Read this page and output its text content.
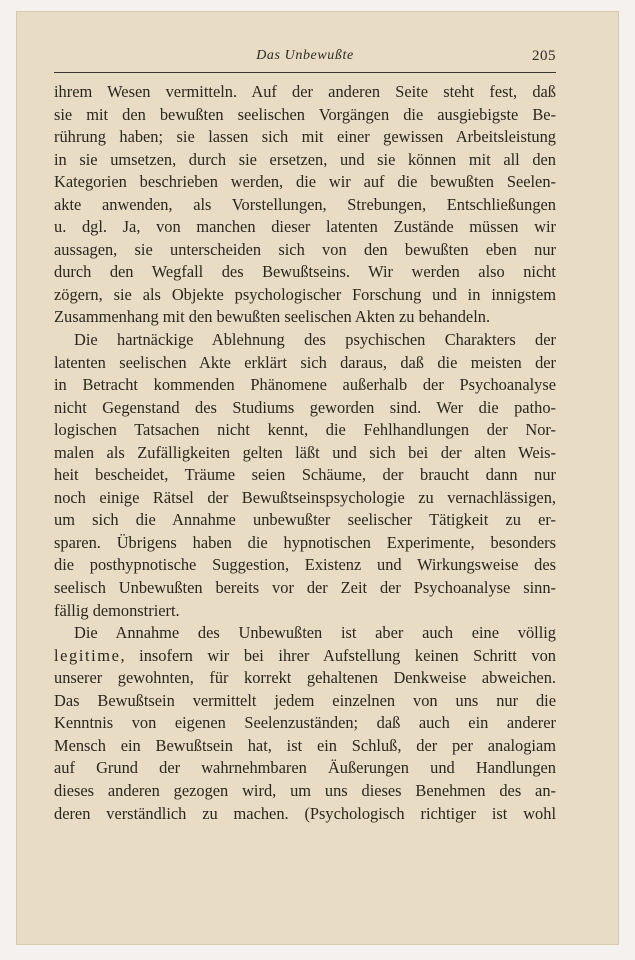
Das Unbewußte	205
ihrem Wesen vermitteln. Auf der anderen Seite steht fest, daß
sie mit den bewußten seelischen Vorgängen die ausgiebigste Be-
rührung haben; sie lassen sich mit einer gewissen Arbeitsleistung
in sie umsetzen, durch sie ersetzen, und sie können mit all den
Kategorien beschrieben werden, die wir auf die bewußten Seelen-
akte anwenden, als Vorstellungen, Strebungen, Entschließungen
u. dgl. Ja, von manchen dieser latenten Zustände müssen wir
aussagen, sie unterscheiden sich von den bewußten eben nur
durch den Wegfall des Bewußtseins. Wir werden also nicht
zögern, sie als Objekte psychologischer Forschung und in innigstem
Zusammenhang mit den bewußten seelischen Akten zu behandeln.
Die hartnäckige Ablehnung des psychischen Charakters der
latenten seelischen Akte erklärt sich daraus, daß die meisten der
in Betracht kommenden Phänomene außerhalb der Psychoanalyse
nicht Gegenstand des Studiums geworden sind. Wer die patho-
logischen Tatsachen nicht kennt, die Fehlhandlungen der Nor-
malen als Zufälligkeiten gelten läßt und sich bei der alten Weis-
heit bescheidet, Träume seien Schäume, der braucht dann nur
noch einige Rätsel der Bewußtseinspsychologie zu vernachlässigen,
um sich die Annahme unbewußter seelischer Tätigkeit zu er-
sparen. Übrigens haben die hypnotischen Experimente, besonders
die posthypnotische Suggestion, Existenz und Wirkungsweise des
seelisch Unbewußten bereits vor der Zeit der Psychoanalyse sinn-
fällig demonstriert.
Die Annahme des Unbewußten ist aber auch eine völlig
legitime, insofern wir bei ihrer Aufstellung keinen Schritt von
unserer gewohnten, für korrekt gehaltenen Denkweise abweichen.
Das Bewußtsein vermittelt jedem einzelnen von uns nur die
Kenntnis von eigenen Seelenzuständen; daß auch ein anderer
Mensch ein Bewußtsein hat, ist ein Schluß, der per analogiam
auf Grund der wahrnehmbaren Äußerungen und Handlungen
dieses anderen gezogen wird, um uns dieses Benehmen des an-
deren verständlich zu machen. (Psychologisch richtiger ist wohl
